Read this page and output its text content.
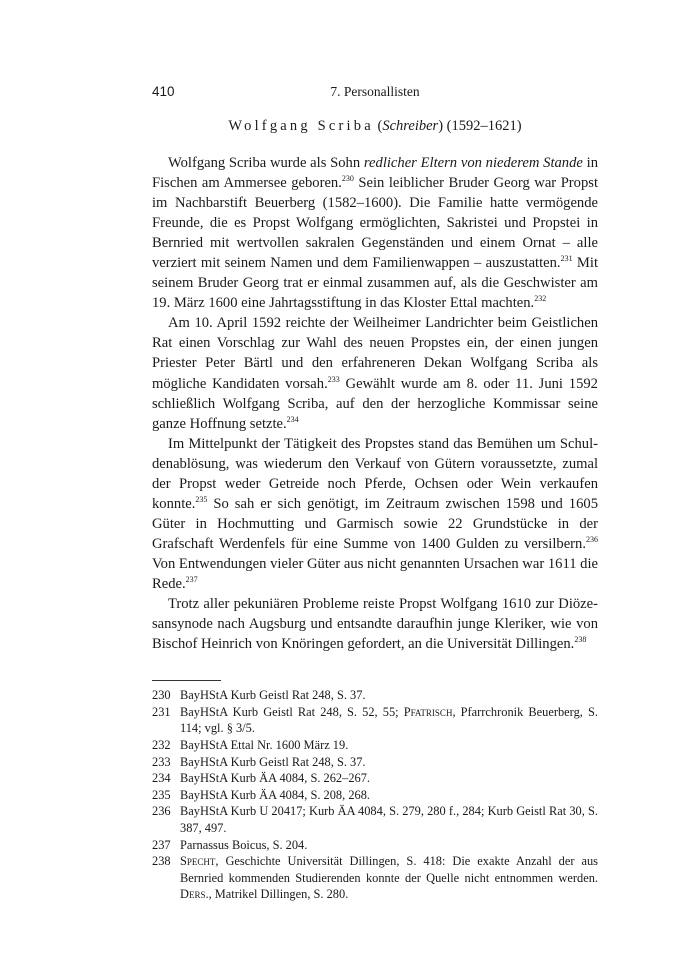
410	7. Personallisten
Wolfgang Scriba (Schreiber) (1592–1621)

Wolfgang Scriba wurde als Sohn redlicher Eltern von niederem Stande in Fischen am Ammersee geboren.$^{230}$ Sein leiblicher Bruder Georg war Propst im Nachbarstift Beuerberg (1582–1600). Die Familie hatte vermögende Freunde, die es Propst Wolfgang ermöglichten, Sakristei und Propstei in Bernried mit wertvollen sakralen Gegenständen und einem Ornat – alle verziert mit seinem Namen und dem Familienwappen – auszustatten.$^{231}$ Mit seinem Bruder Georg trat er einmal zusammen auf, als die Geschwister am 19. März 1600 eine Jahrtagsstiftung in das Kloster Ettal machten.$^{232}$

Am 10. April 1592 reichte der Weilheimer Landrichter beim Geistlichen Rat einen Vorschlag zur Wahl des neuen Propstes ein, der einen jungen Priester Peter Bärtl und den erfahreneren Dekan Wolfgang Scriba als mögliche Kandidaten vorsah.$^{233}$ Gewählt wurde am 8. oder 11. Juni 1592 schließlich Wolfgang Scriba, auf den der herzogliche Kommissar seine ganze Hoffnung setzte.$^{234}$

Im Mittelpunkt der Tätigkeit des Propstes stand das Bemühen um Schuldenablösung, was wiederum den Verkauf von Gütern voraussetzte, zumal der Propst weder Getreide noch Pferde, Ochsen oder Wein verkaufen konnte.$^{235}$ So sah er sich genötigt, im Zeitraum zwischen 1598 und 1605 Güter in Hochmutting und Garmisch sowie 22 Grundstücke in der Grafschaft Werdenfels für eine Summe von 1400 Gulden zu versilbern.$^{236}$ Von Entwendungen vieler Güter aus nicht genannten Ursachen war 1611 die Rede.$^{237}$

Trotz aller pekuniären Probleme reiste Propst Wolfgang 1610 zur Diözesansynode nach Augsburg und entsandte daraufhin junge Kleriker, wie von Bischof Heinrich von Knöringen gefordert, an die Universität Dillingen.$^{238}$

230 BayHStA Kurb Geistl Rat 248, S. 37.
231 BayHStA Kurb Geistl Rat 248, S. 52, 55; Pfatrisch, Pfarrchronik Beuerberg, S. 114; vgl. § 3/5.
232 BayHStA Ettal Nr. 1600 März 19.
233 BayHStA Kurb Geistl Rat 248, S. 37.
234 BayHStA Kurb ÄA 4084, S. 262–267.
235 BayHStA Kurb ÄA 4084, S. 208, 268.
236 BayHStA Kurb U 20417; Kurb ÄA 4084, S. 279, 280 f., 284; Kurb Geistl Rat 30, S. 387, 497.
237 Parnassus Boicus, S. 204.
238 Specht, Geschichte Universität Dillingen, S. 418: Die exakte Anzahl der aus Bernried kommenden Studierenden konnte der Quelle nicht entnommen werden. Ders., Matrikel Dillingen, S. 280.
